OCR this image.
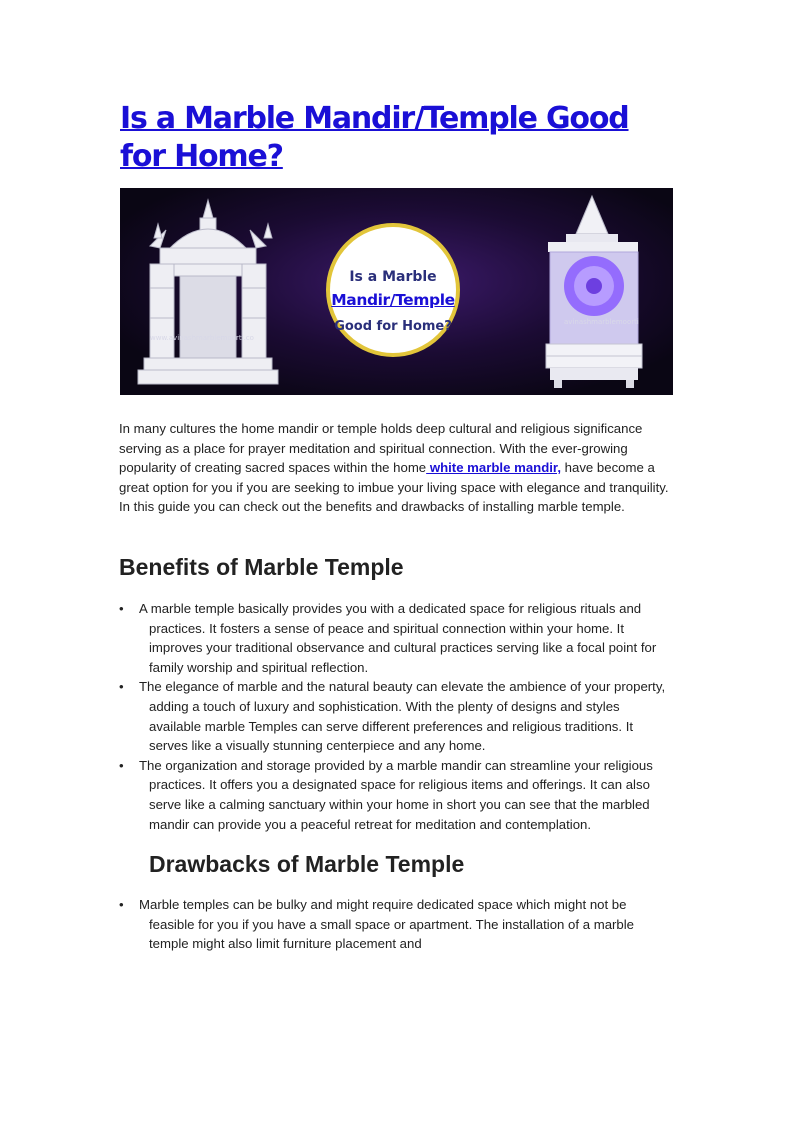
Is a Marble Mandir/Temple Good for Home?
www.avinashmarblemoorti.co
avinashmarblemoorti
Is a Marble
Mandir/Temple
Good for Home?

In many cultures the home mandir or temple holds deep cultural and religious significance serving as a place for prayer meditation and spiritual connection. With the ever-growing popularity of creating sacred spaces within the home white marble mandir, have become a great option for you if you are seeking to imbue your living space with elegance and tranquility. In this guide you can check out the benefits and drawbacks of installing marble temple.

Benefits of Marble Temple
• A marble temple basically provides you with a dedicated space for religious rituals and practices. It fosters a sense of peace and spiritual connection within your home. It improves your traditional observance and cultural practices serving like a focal point for family worship and spiritual reflection.
• The elegance of marble and the natural beauty can elevate the ambience of your property, adding a touch of luxury and sophistication. With the plenty of designs and styles available marble Temples can serve different preferences and religious traditions. It serves like a visually stunning centerpiece and any home.
• The organization and storage provided by a marble mandir can streamline your religious practices. It offers you a designated space for religious items and offerings. It can also serve like a calming sanctuary within your home in short you can see that the marbled mandir can provide you a peaceful retreat for meditation and contemplation.
Drawbacks of Marble Temple
• Marble temples can be bulky and might require dedicated space which might not be feasible for you if you have a small space or apartment. The installation of a marble temple might also limit furniture placement and
